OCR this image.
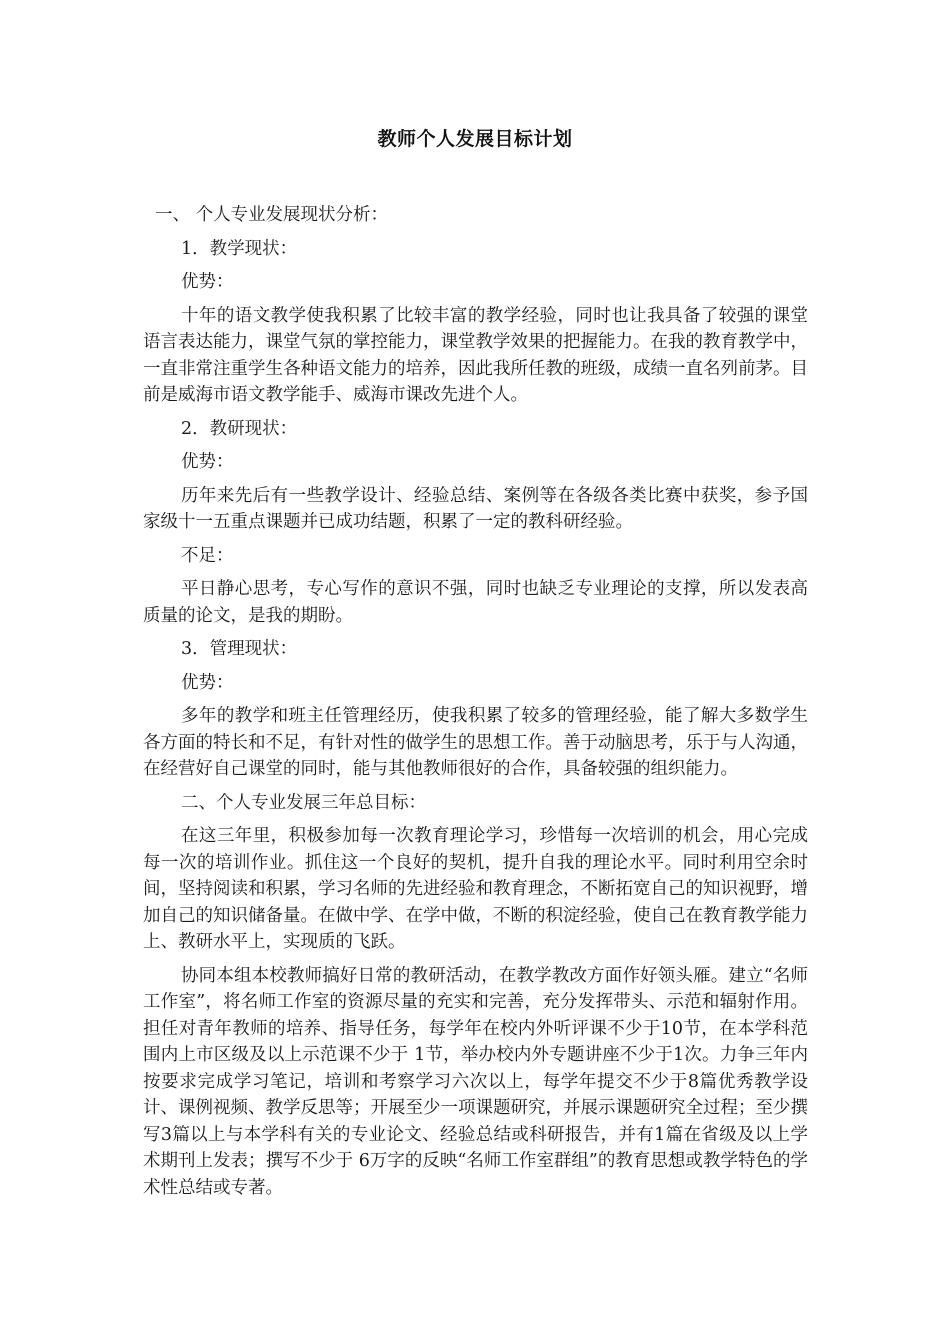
教师个人发展目标计划
一、 个人专业发展现状分析：
1．教学现状：
优势：

十年的语文教学使我积累了比较丰富的教学经验，同时也让我具备了较强的课堂语言表达能力，课堂气氛的掌控能力，课堂教学效果的把握能力。在我的教育教学中，一直非常注重学生各种语文能力的培养，因此我所任教的班级，成绩一直名列前茅。目前是威海市语文教学能手、威海市课改先进个人。

2．教研现状：
优势：

历年来先后有一些教学设计、经验总结、案例等在各级各类比赛中获奖，参予国家级十一五重点课题并已成功结题，积累了一定的教科研经验。

不足：

平日静心思考，专心写作的意识不强，同时也缺乏专业理论的支撑，所以发表高质量的论文，是我的期盼。

3．管理现状：
优势：

多年的教学和班主任管理经历，使我积累了较多的管理经验，能了解大多数学生各方面的特长和不足，有针对性的做学生的思想工作。善于动脑思考，乐于与人沟通，在经营好自己课堂的同时，能与其他教师很好的合作，具备较强的组织能力。

二、个人专业发展三年总目标：

在这三年里，积极参加每一次教育理论学习，珍惜每一次培训的机会，用心完成每一次的培训作业。抓住这一个良好的契机，提升自我的理论水平。同时利用空余时间，坚持阅读和积累，学习名师的先进经验和教育理念，不断拓宽自己的知识视野，增加自己的知识储备量。在做中学、在学中做，不断的积淀经验，使自己在教育教学能力上、教研水平上，实现质的飞跃。

协同本组本校教师搞好日常的教研活动，在教学教改方面作好领头雁。建立“名师工作室”，将名师工作室的资源尽量的充实和完善，充分发挥带头、示范和辐射作用。担任对青年教师的培养、指导任务，每学年在校内外听评课不少于10节，在本学科范围内上市区级及以上示范课不少于 1节，举办校内外专题讲座不少于1次。力争三年内按要求完成学习笔记，培训和考察学习六次以上，每学年提交不少于8篇优秀教学设计、课例视频、教学反思等；开展至少一项课题研究，并展示课题研究全过程；至少撰写3篇以上与本学科有关的专业论文、经验总结或科研报告，并有1篇在省级及以上学术期刊上发表；撰写不少于 6万字的反映“名师工作室群组”的教育思想或教学特色的学术性总结或专著。
